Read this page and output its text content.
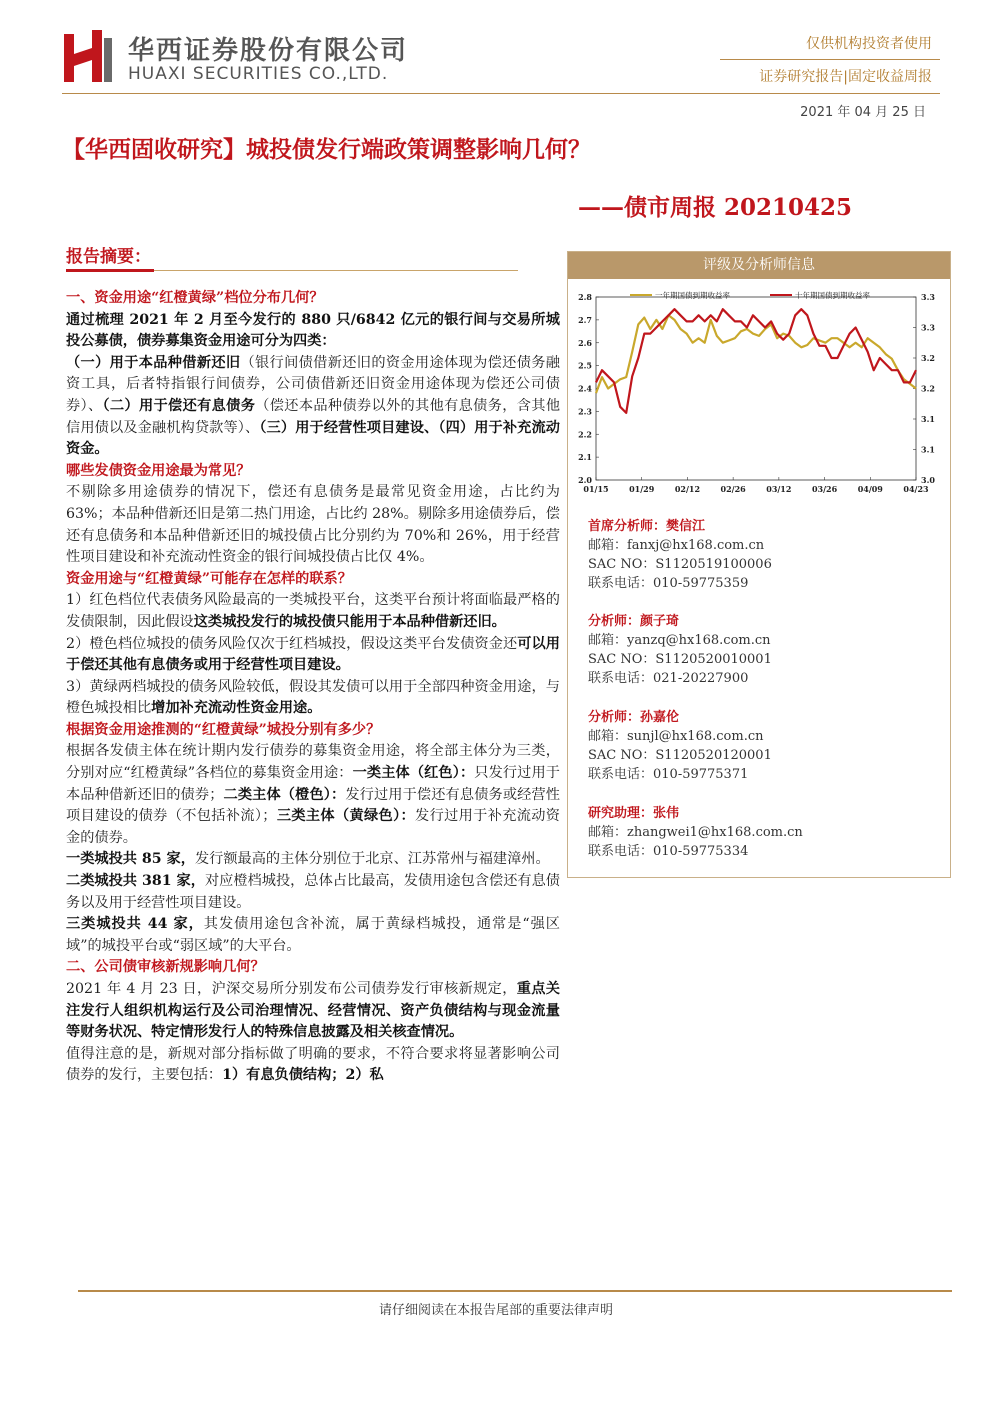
华西证券股份有限公司
HUAXI SECURITIES CO.,LTD.
仅供机构投资者使用
证券研究报告|固定收益周报
2021 年 04 月 25 日
【华西固收研究】城投债发行端政策调整影响几何？
——债市周报 20210425
报告摘要：

一、资金用途“红橙黄绿”档位分布几何？

通过梳理 2021 年 2 月至今发行的 880 只/6842 亿元的银行间与交易所城投公募债，债券募集资金用途可分为四类：

（一）用于本品种借新还旧（银行间债借新还旧的资金用途体现为偿还债务融资工具，后者特指银行间债券，公司债借新还旧资金用途体现为偿还公司债券）、（二）用于偿还有息债务（偿还本品种债券以外的其他有息债务，含其他信用债以及金融机构贷款等）、（三）用于经营性项目建设、（四）用于补充流动资金。

哪些发债资金用途最为常见？

不剔除多用途债券的情况下，偿还有息债务是最常见资金用途，占比约为 63%；本品种借新还旧是第二热门用途，占比约 28%。剔除多用途债券后，偿还有息债务和本品种借新还旧的城投债占比分别约为 70%和 26%，用于经营性项目建设和补充流动性资金的银行间城投债占比仅 4%。

资金用途与“红橙黄绿”可能存在怎样的联系？

1）红色档位代表债务风险最高的一类城投平台，这类平台预计将面临最严格的发债限制，因此假设这类城投发行的城投债只能用于本品种借新还旧。

2）橙色档位城投的债务风险仅次于红档城投，假设这类平台发债资金还可以用于偿还其他有息债务或用于经营性项目建设。

3）黄绿两档城投的债务风险较低，假设其发债可以用于全部四种资金用途，与橙色城投相比增加补充流动性资金用途。

根据资金用途推测的“红橙黄绿”城投分别有多少？

根据各发债主体在统计期内发行债券的募集资金用途，将全部主体分为三类，分别对应“红橙黄绿”各档位的募集资金用途：一类主体（红色）：只发行过用于本品种借新还旧的债券；二类主体（橙色）：发行过用于偿还有息债务或经营性项目建设的债券（不包括补流）；三类主体（黄绿色）：发行过用于补充流动资金的债券。

一类城投共 85 家，发行额最高的主体分别位于北京、江苏常州与福建漳州。

二类城投共 381 家，对应橙档城投，总体占比最高，发债用途包含偿还有息债务以及用于经营性项目建设。

三类城投共 44 家，其发债用途包含补流，属于黄绿档城投，通常是“强区域”的城投平台或“弱区域”的大平台。

二、公司债审核新规影响几何？

2021 年 4 月 23 日，沪深交易所分别发布公司债券发行审核新规定，重点关注发行人组织机构运行及公司治理情况、经营情况、资产负债结构与现金流量等财务状况、特定情形发行人的特殊信息披露及相关核查情况。

值得注意的是，新规对部分指标做了明确的要求，不符合要求将显著影响公司债券的发行，主要包括：1）有息负债结构；2）私

评级及分析师信息
2.0
2.1
2.2
2.3
2.4
2.5
2.6
2.7
2.8
3.0
3.1
3.1
3.2
3.2
3.3
3.3
01/15	01/29	02/12	02/26	03/12	03/26	04/09	04/23
一年期国债到期收益率	十年期国债到期收益率
首席分析师：樊信江
邮箱：fanxj@hx168.com.cn
SAC NO：S1120519100006
联系电话：010-59775359
分析师：颜子琦
邮箱：yanzq@hx168.com.cn
SAC NO：S1120520010001
联系电话：021-20227900
分析师：孙嘉伦
邮箱：sunjl@hx168.com.cn
SAC NO：S1120520120001
联系电话：010-59775371
研究助理：张伟
邮箱：zhangwei1@hx168.com.cn
联系电话：010-59775334
请仔细阅读在本报告尾部的重要法律声明
